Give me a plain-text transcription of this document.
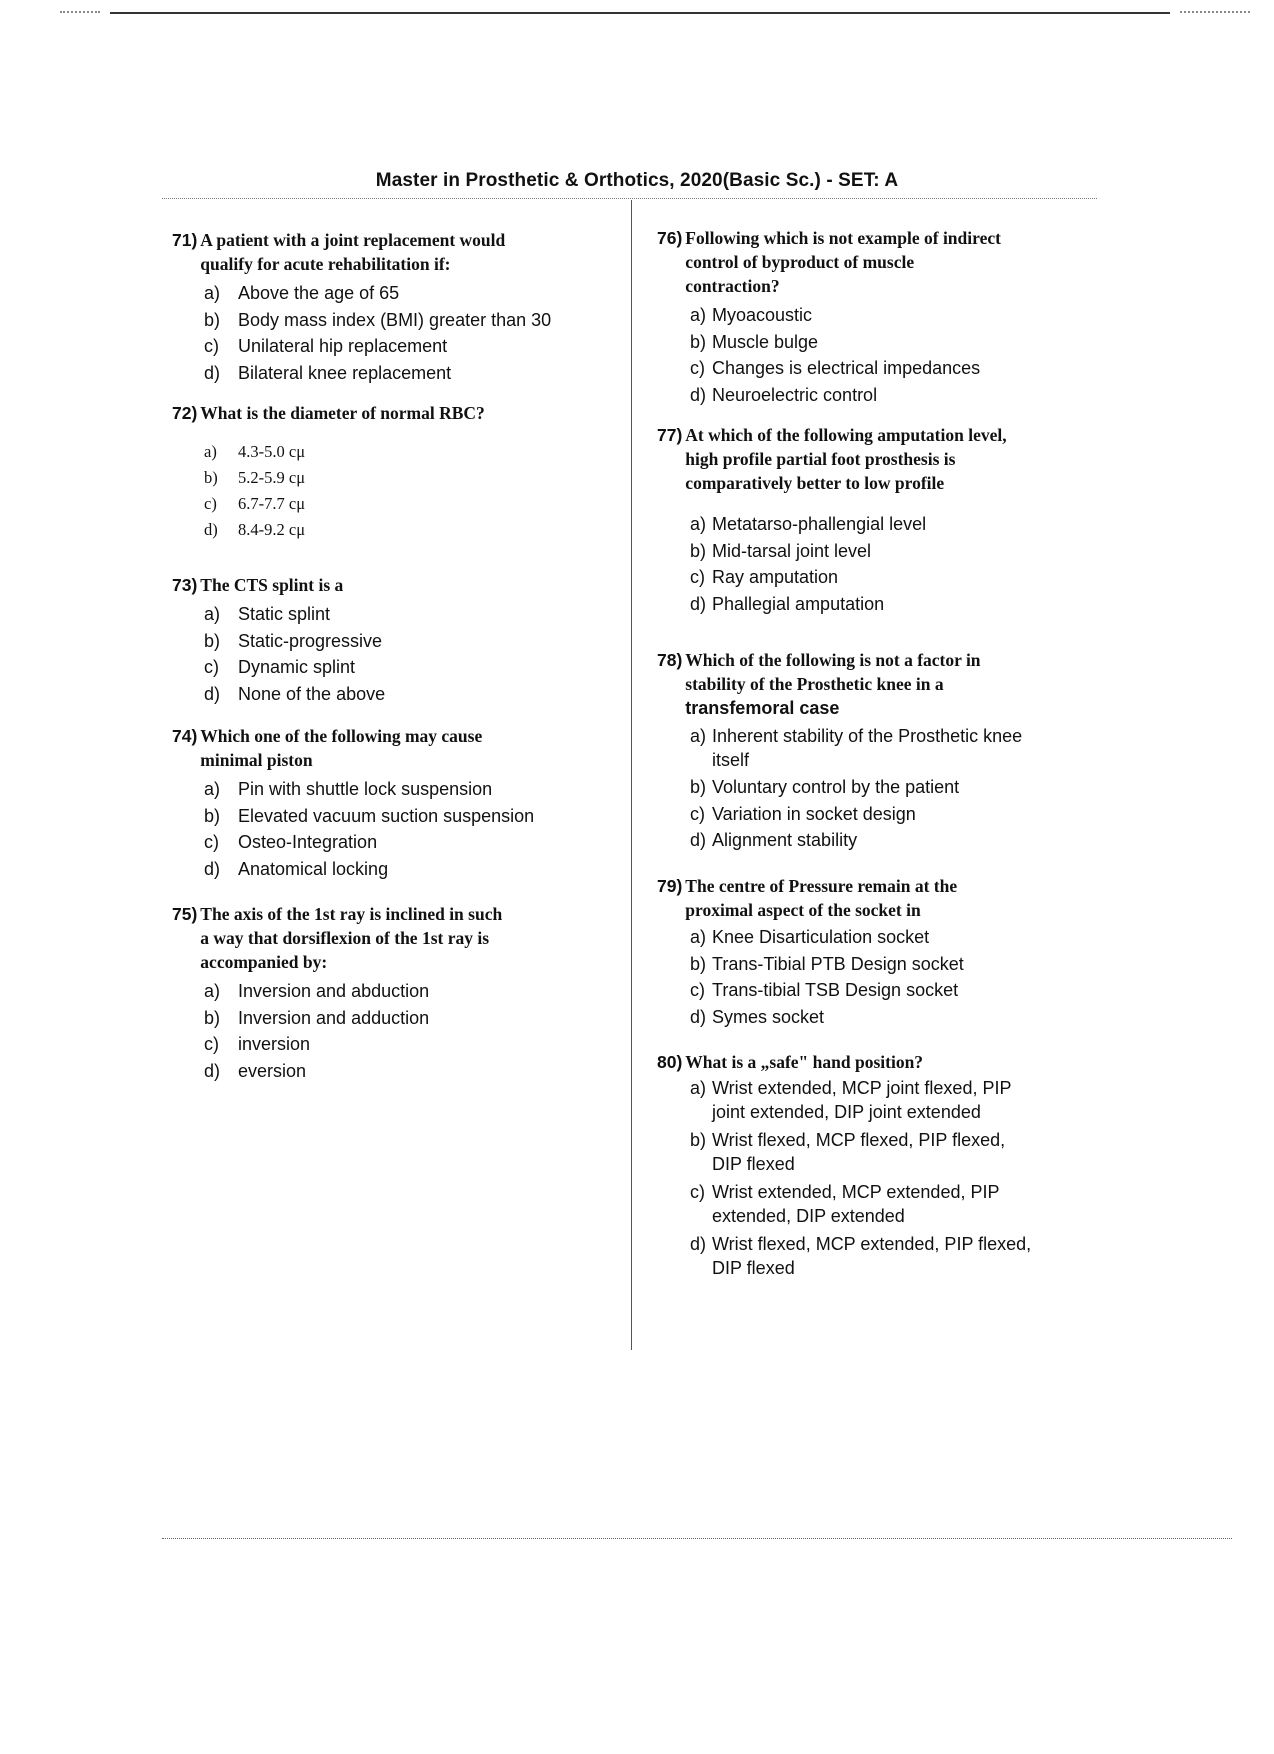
Master in Prosthetic & Orthotics, 2020(Basic Sc.) - SET: A
71) A patient with a joint replacement would
qualify for acute rehabilitation if:
a) Above the age of 65
b) Body mass index (BMI) greater than 30
c)	Unilateral hip replacement
d) Bilateral knee replacement
72) What is the diameter of normal RBC?
a)	4.3-5.0 cμ
b)	5.2-5.9 cμ
c)	6.7-7.7 cμ
d)	8.4-9.2 cμ
73) The CTS splint is a
a) Static splint
b) Static-progressive
c)	Dynamic splint
d) None of the above
74) Which one of the following may cause
minimal piston
a) Pin with shuttle lock suspension
b) Elevated vacuum suction suspension
c)	Osteo-Integration
d) Anatomical locking
75) The axis of the 1st ray is inclined in such
a way that dorsiflexion of the 1st ray is
accompanied by:
a) Inversion and abduction
b) Inversion and adduction
c)	inversion
d) eversion
76) Following which is not example of indirect
control of byproduct of muscle
contraction?
a) Myoacoustic
b) Muscle bulge
c) Changes is electrical impedances
d) Neuroelectric control
77) At which of the following amputation level,
high profile partial foot prosthesis is
comparatively better to low profile
a) Metatarso-phallengial level
b) Mid-tarsal joint level
c) Ray amputation
d) Phallegial amputation
78) Which of the following is not a factor in
stability of the Prosthetic knee in a
transfemoral case
a) Inherent stability of the Prosthetic knee
itself
b) Voluntary control by the patient
c) Variation in socket design
d) Alignment stability
79) The centre of Pressure remain at the
proximal aspect of the socket in
a) Knee Disarticulation socket
b) Trans-Tibial PTB Design socket
c) Trans-tibial TSB Design socket
d) Symes socket
80) What is a „safe" hand position?
a) Wrist extended, MCP joint flexed, PIP
joint extended, DIP joint extended
b) Wrist flexed, MCP flexed, PIP flexed,
DIP flexed
c) Wrist extended, MCP extended, PIP
extended, DIP extended
d) Wrist flexed, MCP extended, PIP flexed,
DIP flexed
